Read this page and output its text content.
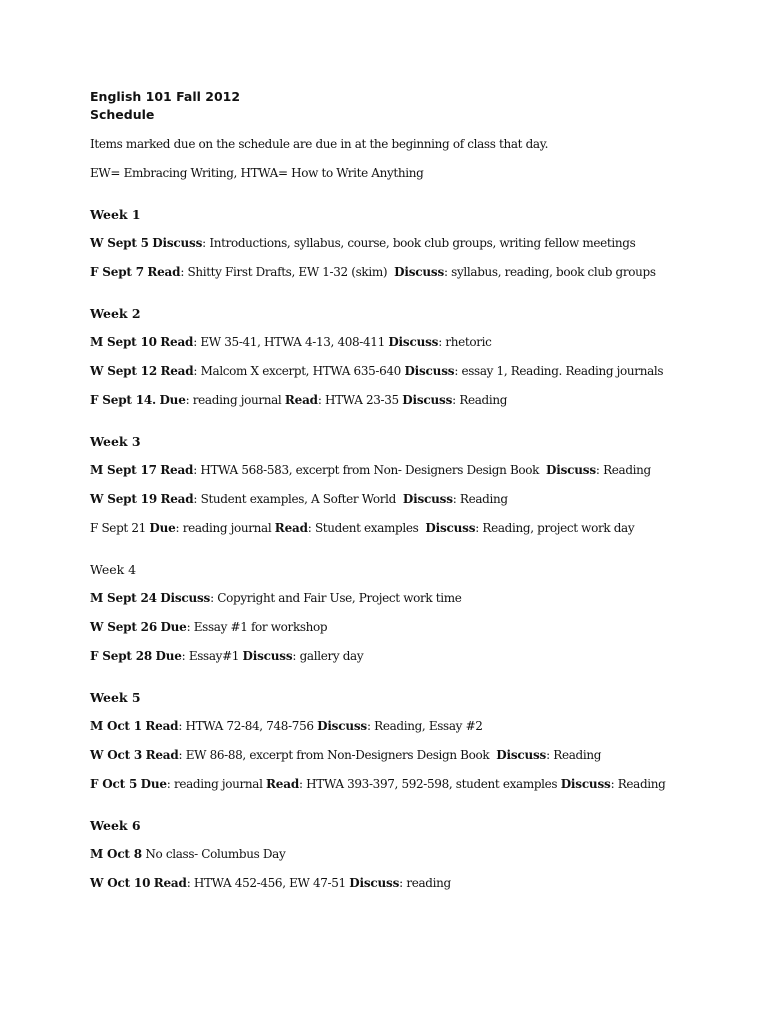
English 101 Fall 2012

Schedule

Items marked due on the schedule are due in at the beginning of class that day.

EW= Embracing Writing, HTWA= How to Write Anything

Week 1

W Sept 5 Discuss: Introductions, syllabus, course, book club groups, writing fellow meetings

F Sept 7 Read: Shitty First Drafts, EW 1-32 (skim) Discuss: syllabus, reading, book club groups

Week 2

M Sept 10 Read: EW 35-41, HTWA 4-13, 408-411 Discuss: rhetoric

W Sept 12 Read: Malcom X excerpt, HTWA 635-640 Discuss: essay 1, Reading. Reading journals

F Sept 14. Due: reading journal Read: HTWA 23-35 Discuss: Reading

Week 3

M Sept 17 Read: HTWA 568-583, excerpt from Non- Designers Design Book Discuss: Reading

W Sept 19 Read: Student examples, A Softer World Discuss: Reading

F Sept 21 Due: reading journal Read: Student examples Discuss: Reading, project work day

Week 4

M Sept 24 Discuss: Copyright and Fair Use, Project work time

W Sept 26 Due: Essay #1 for workshop

F Sept 28 Due: Essay#1 Discuss: gallery day

Week 5

M Oct 1 Read: HTWA 72-84, 748-756 Discuss: Reading, Essay #2

W Oct 3 Read: EW 86-88, excerpt from Non-Designers Design Book Discuss: Reading

F Oct 5 Due: reading journal Read: HTWA 393-397, 592-598, student examples Discuss: Reading

Week 6

M Oct 8 No class- Columbus Day

W Oct 10 Read: HTWA 452-456, EW 47-51 Discuss: reading
